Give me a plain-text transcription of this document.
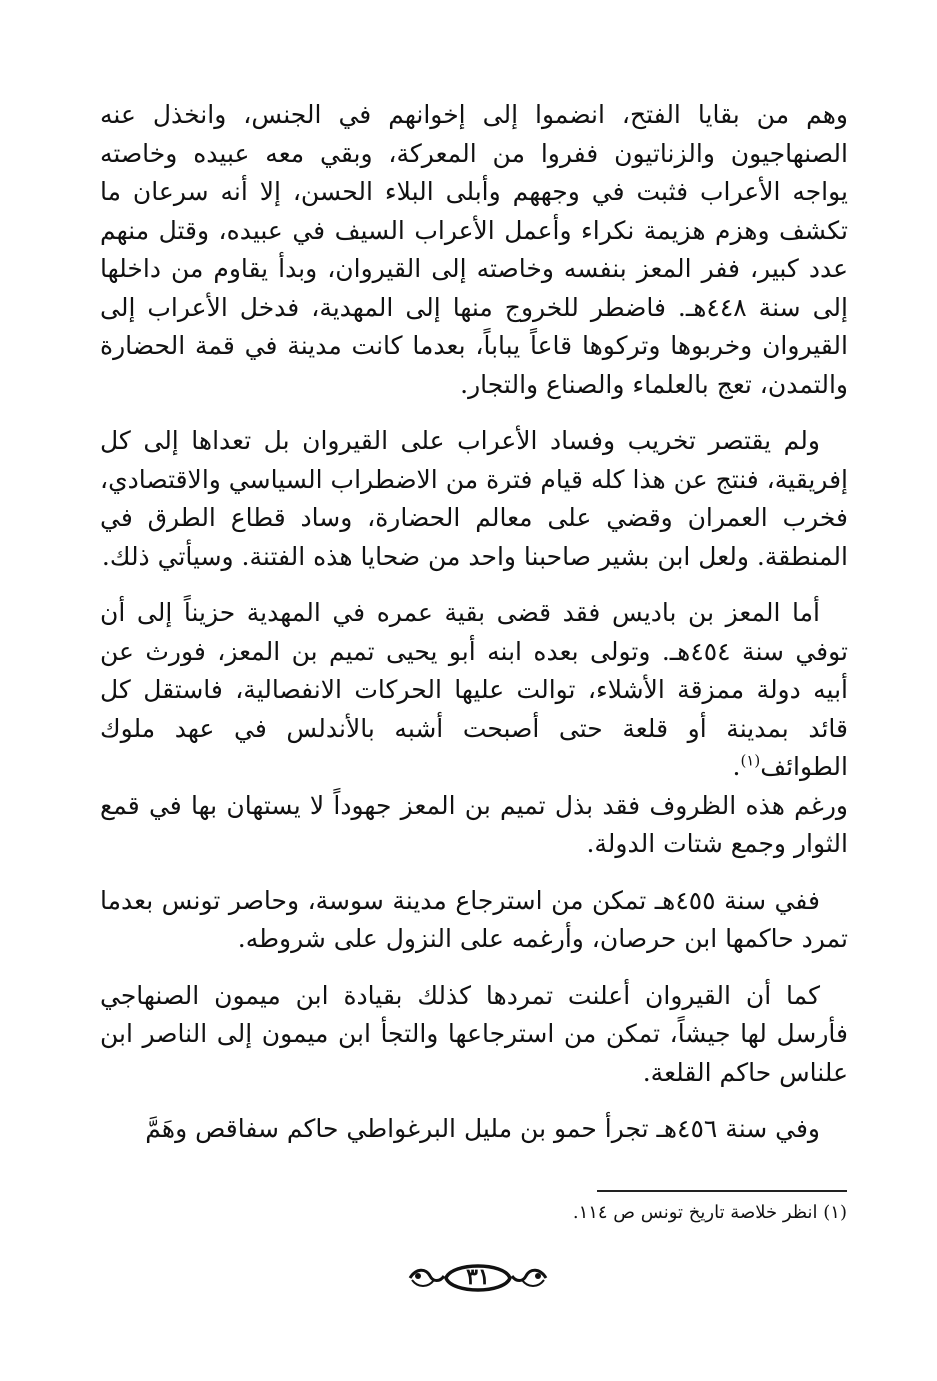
وهم من بقايا الفتح، انضموا إلى إخوانهم في الجنس، وانخذل عنه الصنهاجيون والزناتيون ففروا من المعركة، وبقي معه عبيده وخاصته يواجه الأعراب فثبت في وجههم وأبلى البلاء الحسن، إلا أنه سرعان ما تكشف وهزم هزيمة نكراء وأعمل الأعراب السيف في عبيده، وقتل منهم عدد كبير، ففر المعز بنفسه وخاصته إلى القيروان، وبدأ يقاوم من داخلها إلى سنة ٤٤٨هـ. فاضطر للخروج منها إلى المهدية، فدخل الأعراب إلى القيروان وخربوها وتركوها قاعاً يباباً، بعدما كانت مدينة في قمة الحضارة والتمدن، تعج بالعلماء والصناع والتجار.

ولم يقتصر تخريب وفساد الأعراب على القيروان بل تعداها إلى كل إفريقية، فنتج عن هذا كله قيام فترة من الاضطراب السياسي والاقتصادي، فخرب العمران وقضي على معالم الحضارة، وساد قطاع الطرق في المنطقة. ولعل ابن بشير صاحبنا واحد من ضحايا هذه الفتنة. وسيأتي ذلك.

أما المعز بن باديس فقد قضى بقية عمره في المهدية حزيناً إلى أن توفي سنة ٤٥٤هـ. وتولى بعده ابنه أبو يحيى تميم بن المعز، فورث عن أبيه دولة ممزقة الأشلاء، توالت عليها الحركات الانفصالية، فاستقل كل قائد بمدينة أو قلعة حتى أصبحت أشبه بالأندلس في عهد ملوك الطوائف$^{(١)}$.

ورغم هذه الظروف فقد بذل تميم بن المعز جهوداً لا يستهان بها في قمع الثوار وجمع شتات الدولة.

ففي سنة ٤٥٥هـ تمكن من استرجاع مدينة سوسة، وحاصر تونس بعدما تمرد حاكمها ابن حرصان، وأرغمه على النزول على شروطه.

كما أن القيروان أعلنت تمردها كذلك بقيادة ابن ميمون الصنهاجي فأرسل لها جيشاً، تمكن من استرجاعها والتجأ ابن ميمون إلى الناصر ابن علناس حاكم القلعة.

وفي سنة ٤٥٦هـ تجرأ حمو بن مليل البرغواطي حاكم سفاقص وهَمَّ

(١) انظر خلاصة تاريخ تونس ص ١١٤.
٣١
